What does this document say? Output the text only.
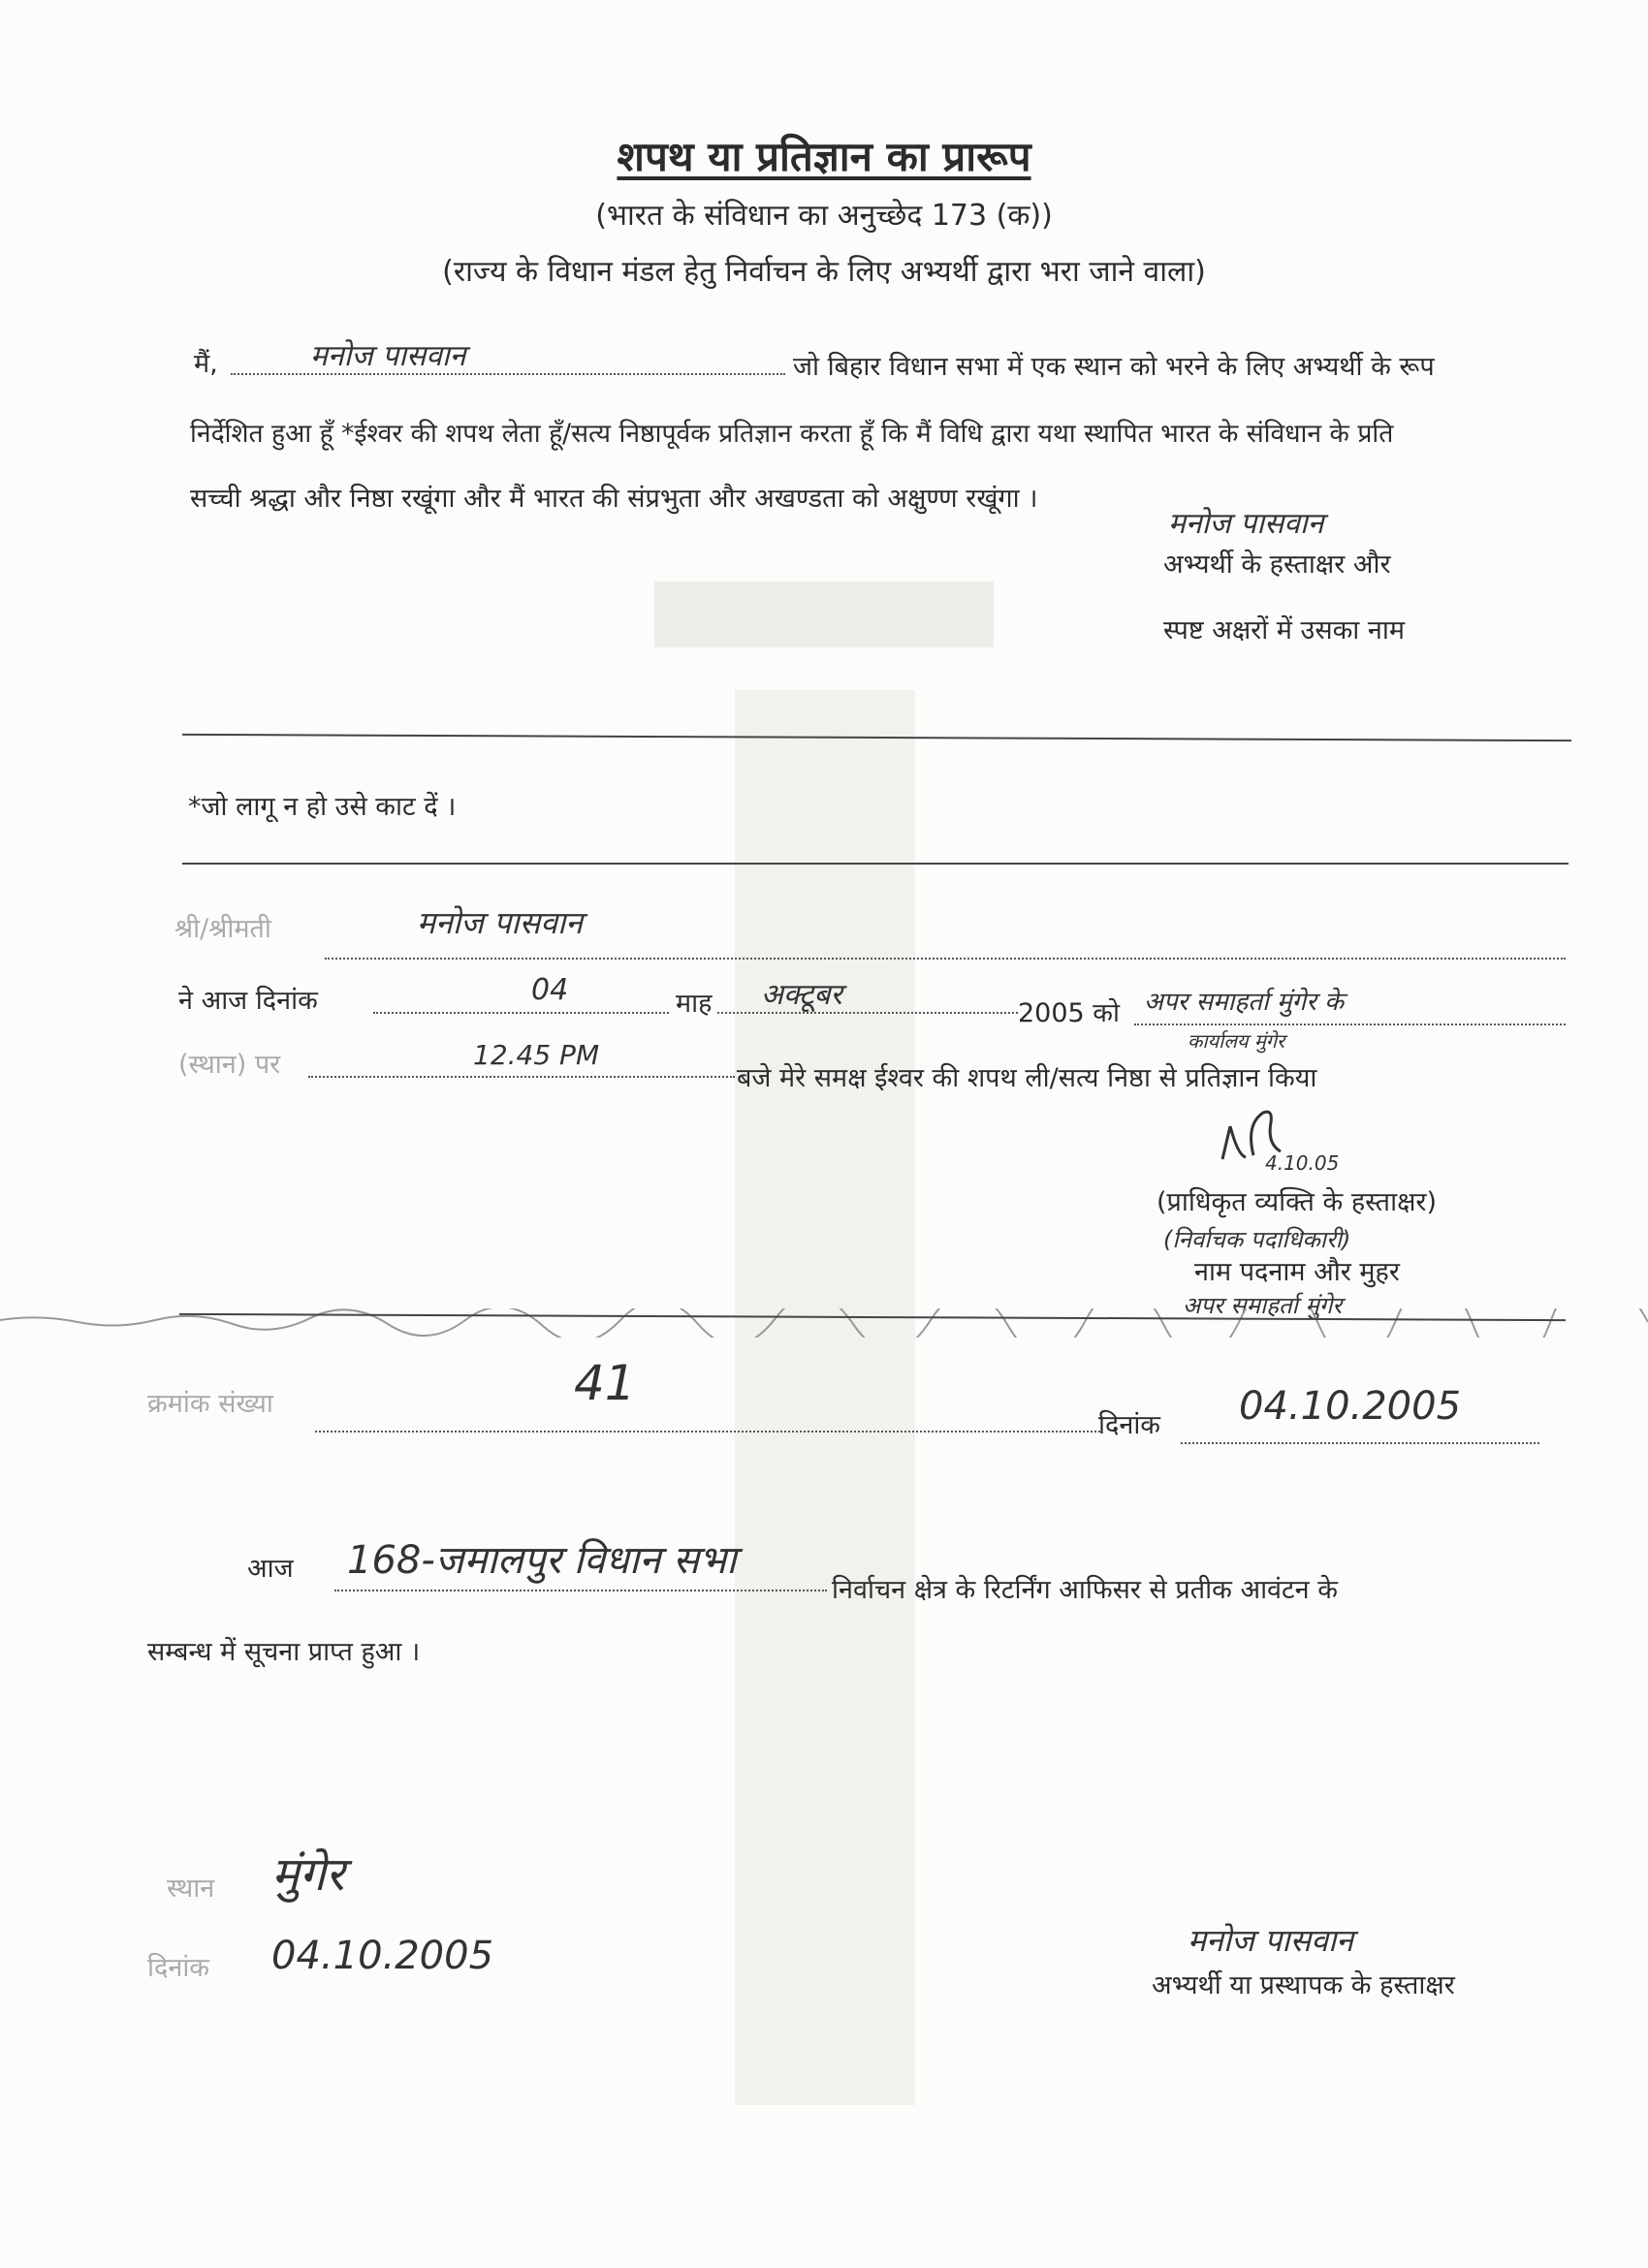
शपथ या प्रतिज्ञान का प्रारूप
(भारत के संविधान का अनुच्छेद 173 (क))
(राज्य के विधान मंडल हेतु निर्वाचन के लिए अभ्यर्थी द्वारा भरा जाने वाला)
मैं,	मनोज पासवान	जो बिहार विधान सभा में एक स्थान को भरने के लिए अभ्यर्थी के रूप
निर्देशित हुआ हूँ *ईश्वर की शपथ लेता हूँ/सत्य निष्ठापूर्वक प्रतिज्ञान करता हूँ कि मैं विधि द्वारा यथा स्थापित भारत के संविधान के प्रति
सच्ची श्रद्धा और निष्ठा रखूंगा और मैं भारत की संप्रभुता और अखण्डता को अक्षुण्ण रखूंगा ।
मनोज पासवान
अभ्यर्थी के हस्ताक्षर और
स्पष्ट अक्षरों में उसका नाम
*जो लागू न हो उसे काट दें ।
श्री/श्रीमती	मनोज पासवान
ने आज दिनांक	04	माह अक्टूबर
2005 को अपर समाहर्ता मुंगेर के
कार्यालय मुंगेर
(स्थान) पर	12.45 PM
बजे मेरे समक्ष ईश्वर की शपथ ली/सत्य निष्ठा से प्रतिज्ञान किया
4.10.05
(प्राधिकृत व्यक्ति के हस्ताक्षर)
(निर्वाचक पदाधिकारी)
नाम पदनाम और मुहर
अपर समाहर्ता मुंगेर
क्रमांक संख्या	41
दिनांक 04.10.2005
आज 168-जमालपुर विधान सभा
निर्वाचन क्षेत्र के रिटर्निंग आफिसर से प्रतीक आवंटन के
सम्बन्ध में सूचना प्राप्त हुआ ।
स्थान मुंगेर
दिनांक 04.10.2005	मनोज पासवान
अभ्यर्थी या प्रस्थापक के हस्ताक्षर
